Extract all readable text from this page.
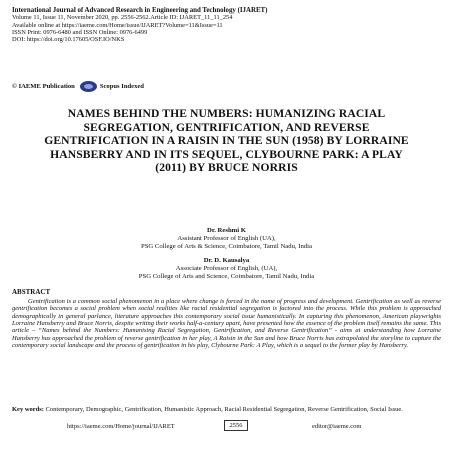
International Journal of Advanced Research in Engineering and Technology (IJARET)
Volume 11, Issue 11, November 2020, pp. 2556-2562.Article ID: IJARET_11_11_254
Available online at https://iaeme.com/Home/issue/IJARET?Volume=11&Issue=11
ISSN Print: 0976-6480 and ISSN Online: 0976-6499
DOI: https://doi.org/10.17605/OSF.IO/NKS
© IAEME Publication	Scopus Indexed
NAMES BEHIND THE NUMBERS: HUMANIZING RACIAL SEGREGATION, GENTRIFICATION, AND REVERSE GENTRIFICATION IN A RAISIN IN THE SUN (1958) BY LORRAINE HANSBERRY AND IN ITS SEQUEL, CLYBOURNE PARK: A PLAY (2011) BY BRUCE NORRIS
Dr. Reshmi K
Assistant Professor of English (UA),
PSG College of Arts & Science, Coimbatore, Tamil Nadu, India
Dr. D. Kausalya
Associate Professor of English, (UA),
PSG College of Arts and Science, Coimbatore, Tamil Nadu, India
ABSTRACT

Gentrification is a common social phenomenon in a place where change is forced in the name of progress and development. Gentrification as well as reverse gentrification becomes a social problem when social realities like racial residential segregation is factored into the process. While this problem is approached demographically in general parlance, literature approaches this contemporary social issue humanistically. In capturing this phenomenon, American playwrights Lorraine Hansberry and Bruce Norris, despite writing their works half-a-century apart, have presented how the essence of the problem itself remains the same. This article – “Names behind the Numbers: Humanising Racial Segregation, Gentrification, and Reverse Gentrification” - aims at understanding how Lorraine Hansberry has approached the problem of reverse gentrification in her play, A Raisin in the Sun and how Bruce Norris has extrapolated the storyline to capture the contemporary social landscape and the process of gentrification in his play, Clybourne Park: A Play, which is a sequel to the former play by Hansberry.

Key words: Contemporary, Demographic, Gentrification, Humanistic Approach, Racial Residential Segregation, Reverse Gentrification, Social Issue.

https://iaeme.com/Home/journal/IJARET	2556	editor@iaeme.com
